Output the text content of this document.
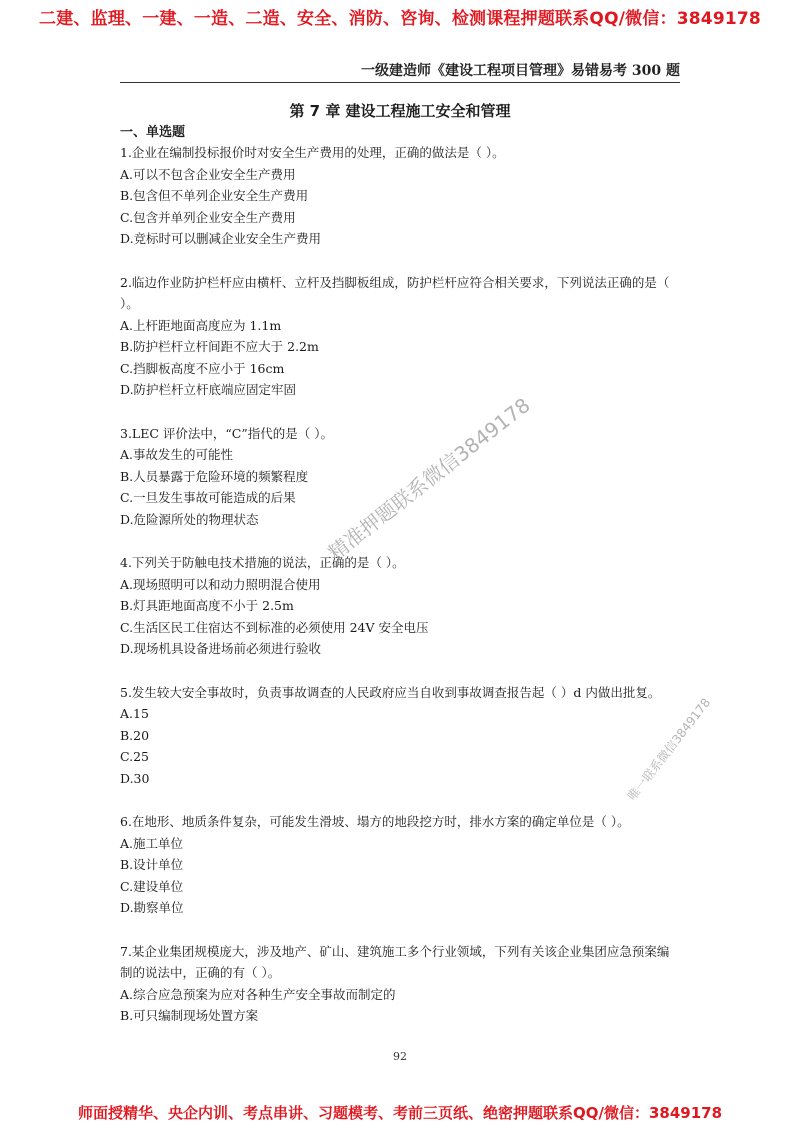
二建、监理、一建、一造、二造、安全、消防、咨询、检测课程押题联系QQ/微信：3849178
一级建造师《建设工程项目管理》易错易考 300 题
第 7 章 建设工程施工安全和管理
一、单选题

1.企业在编制投标报价时对安全生产费用的处理，正确的做法是（ ）。

A.可以不包含企业安全生产费用

B.包含但不单列企业安全生产费用

C.包含并单列企业安全生产费用

D.竞标时可以删减企业安全生产费用

2.临边作业防护栏杆应由横杆、立杆及挡脚板组成，防护栏杆应符合相关要求，下列说法正确的是（ ）。

A.上杆距地面高度应为 1.1m

B.防护栏杆立杆间距不应大于 2.2m

C.挡脚板高度不应小于 16cm

D.防护栏杆立杆底端应固定牢固

3.LEC 评价法中，“C”指代的是（ ）。

A.事故发生的可能性

B.人员暴露于危险环境的频繁程度

C.一旦发生事故可能造成的后果

D.危险源所处的物理状态

4.下列关于防触电技术措施的说法，正确的是（ ）。

A.现场照明可以和动力照明混合使用

B.灯具距地面高度不小于 2.5m

C.生活区民工住宿达不到标准的必须使用 24V 安全电压

D.现场机具设备进场前必须进行验收

5.发生较大安全事故时，负责事故调查的人民政府应当自收到事故调查报告起（ ）d 内做出批复。

A.15

B.20

C.25

D.30

6.在地形、地质条件复杂，可能发生滑坡、塌方的地段挖方时，排水方案的确定单位是（ ）。

A.施工单位

B.设计单位

C.建设单位

D.勘察单位

7.某企业集团规模庞大，涉及地产、矿山、建筑施工多个行业领域，下列有关该企业集团应急预案编制的说法中，正确的有（ ）。

A.综合应急预案为应对各种生产安全事故而制定的

B.可只编制现场处置方案

精准押题联系微信3849178
唯一联系微信3849178
92
师面授精华、央企内训、考点串讲、习题模考、考前三页纸、绝密押题联系QQ/微信：3849178
